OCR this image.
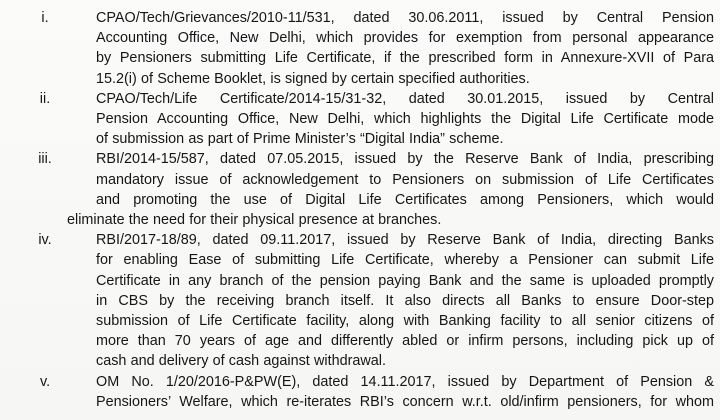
i.	CPAO/Tech/Grievances/2010-11/531, dated 30.06.2011, issued by Central Pension
Accounting Office, New Delhi, which provides for exemption from personal appearance
by Pensioners submitting Life Certificate, if the prescribed form in Annexure-XVII of Para
15.2(i) of Scheme Booklet, is signed by certain specified authorities.
ii.	CPAO/Tech/Life Certificate/2014-15/31-32, dated 30.01.2015, issued by Central
Pension Accounting Office, New Delhi, which highlights the Digital Life Certificate mode
of submission as part of Prime Minister’s “Digital India” scheme.
iii.	RBI/2014-15/587, dated 07.05.2015, issued by the Reserve Bank of India, prescribing
mandatory issue of acknowledgement to Pensioners on submission of Life Certificates
and promoting the use of Digital Life Certificates among Pensioners, which would
eliminate the need for their physical presence at branches.
iv.	RBI/2017-18/89, dated 09.11.2017, issued by Reserve Bank of India, directing Banks
for enabling Ease of submitting Life Certificate, whereby a Pensioner can submit Life
Certificate in any branch of the pension paying Bank and the same is uploaded promptly
in CBS by the receiving branch itself. It also directs all Banks to ensure Door-step
submission of Life Certificate facility, along with Banking facility to all senior citizens of
more than 70 years of age and differently abled or infirm persons, including pick up of
cash and delivery of cash against withdrawal.
v.	OM No. 1/20/2016-P&PW(E), dated 14.11.2017, issued by Department of Pension &
Pensioners’ Welfare, which re-iterates RBI’s concern w.r.t. old/infirm pensioners, for whom
